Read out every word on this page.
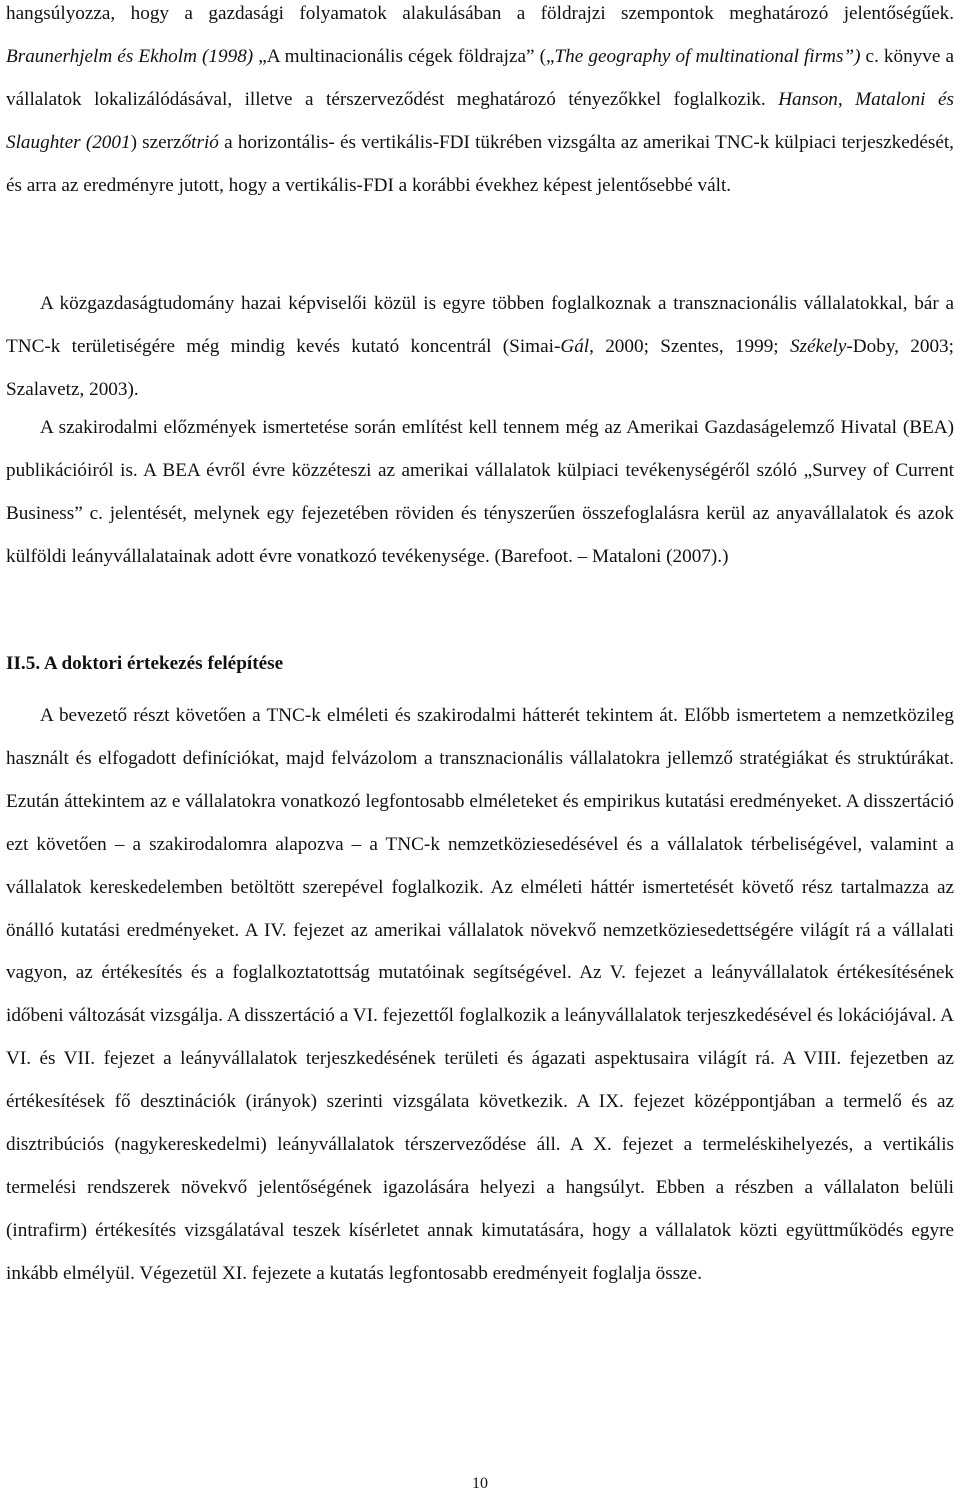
hangsúlyozza, hogy a gazdasági folyamatok alakulásában a földrajzi szempontok meghatározó jelentőségűek. Braunerhjelm és Ekholm (1998) „A multinacionális cégek földrajza” („The geography of multinational firms”) c. könyve a vállalatok lokalizálódásával, illetve a térszerveződést meghatározó tényezőkkel foglalkozik. Hanson, Mataloni és Slaughter (2001) szerzőtrió a horizontális- és vertikális-FDI tükrében vizsgálta az amerikai TNC-k külpiaci terjeszkedését, és arra az eredményre jutott, hogy a vertikális-FDI a korábbi évekhez képest jelentősebbé vált.

A közgazdaságtudomány hazai képviselői közül is egyre többen foglalkoznak a transznacionális vállalatokkal, bár a TNC-k területiségére még mindig kevés kutató koncentrál (Simai-Gál, 2000; Szentes, 1999; Székely-Doby, 2003; Szalavetz, 2003).

A szakirodalmi előzmények ismertetése során említést kell tennem még az Amerikai Gazdaságelemző Hivatal (BEA) publikációiról is. A BEA évről évre közzéteszi az amerikai vállalatok külpiaci tevékenységéről szóló „Survey of Current Business” c. jelentését, melynek egy fejezetében röviden és tényszerűen összefoglalásra kerül az anyavállalatok és azok külföldi leányvállalatainak adott évre vonatkozó tevékenysége. (Barefoot. – Mataloni (2007).)

II.5. A doktori értekezés felépítése

A bevezető részt követően a TNC-k elméleti és szakirodalmi hátterét tekintem át. Előbb ismertetem a nemzetközileg használt és elfogadott definíciókat, majd felvázolom a transznacionális vállalatokra jellemző stratégiákat és struktúrákat. Ezután áttekintem az e vállalatokra vonatkozó legfontosabb elméleteket és empirikus kutatási eredményeket. A disszertáció ezt követően – a szakirodalomra alapozva – a TNC-k nemzetköziesedésével és a vállalatok térbeliségével, valamint a vállalatok kereskedelemben betöltött szerepével foglalkozik. Az elméleti háttér ismertetését követő rész tartalmazza az önálló kutatási eredményeket. A IV. fejezet az amerikai vállalatok növekvő nemzetköziesedettségére világít rá a vállalati vagyon, az értékesítés és a foglalkoztatottság mutatóinak segítségével. Az V. fejezet a leányvállalatok értékesítésének időbeni változását vizsgálja. A disszertáció a VI. fejezettől foglalkozik a leányvállalatok terjeszkedésével és lokációjával. A VI. és VII. fejezet a leányvállalatok terjeszkedésének területi és ágazati aspektusaira világít rá. A VIII. fejezetben az értékesítések fő desztinációk (irányok) szerinti vizsgálata következik. A IX. fejezet középpontjában a termelő és az disztribúciós (nagykereskedelmi) leányvállalatok térszerveződése áll. A X. fejezet a termeléskihelyezés, a vertikális termelési rendszerek növekvő jelentőségének igazolására helyezi a hangsúlyt. Ebben a részben a vállalaton belüli (intrafirm) értékesítés vizsgálatával teszek kísérletet annak kimutatására, hogy a vállalatok közti együttműködés egyre inkább elmélyül. Végezetül XI. fejezete a kutatás legfontosabb eredményeit foglalja össze.

10
